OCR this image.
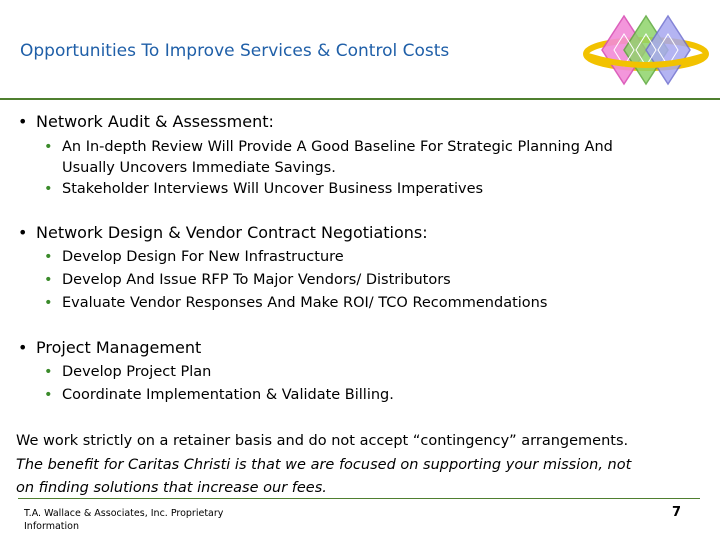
Opportunities To Improve Services & Control Costs
• Network Audit & Assessment:
• An In-depth Review Will Provide A Good Baseline For Strategic Planning And
Usually Uncovers Immediate Savings.
• Stakeholder Interviews Will Uncover Business Imperatives
• Network Design & Vendor Contract Negotiations:
• Develop Design For New Infrastructure
• Develop And Issue RFP To Major Vendors/ Distributors
• Evaluate Vendor Responses And Make ROI/ TCO Recommendations
• Project Management
• Develop Project Plan
• Coordinate Implementation & Validate Billing.
We work strictly on a retainer basis and do not accept “contingency” arrangements.
The benefit for Caritas Christi is that we are focused on supporting your mission, not
on finding solutions that increase our fees.
T.A. Wallace & Associates, Inc. Proprietary
Information
7
